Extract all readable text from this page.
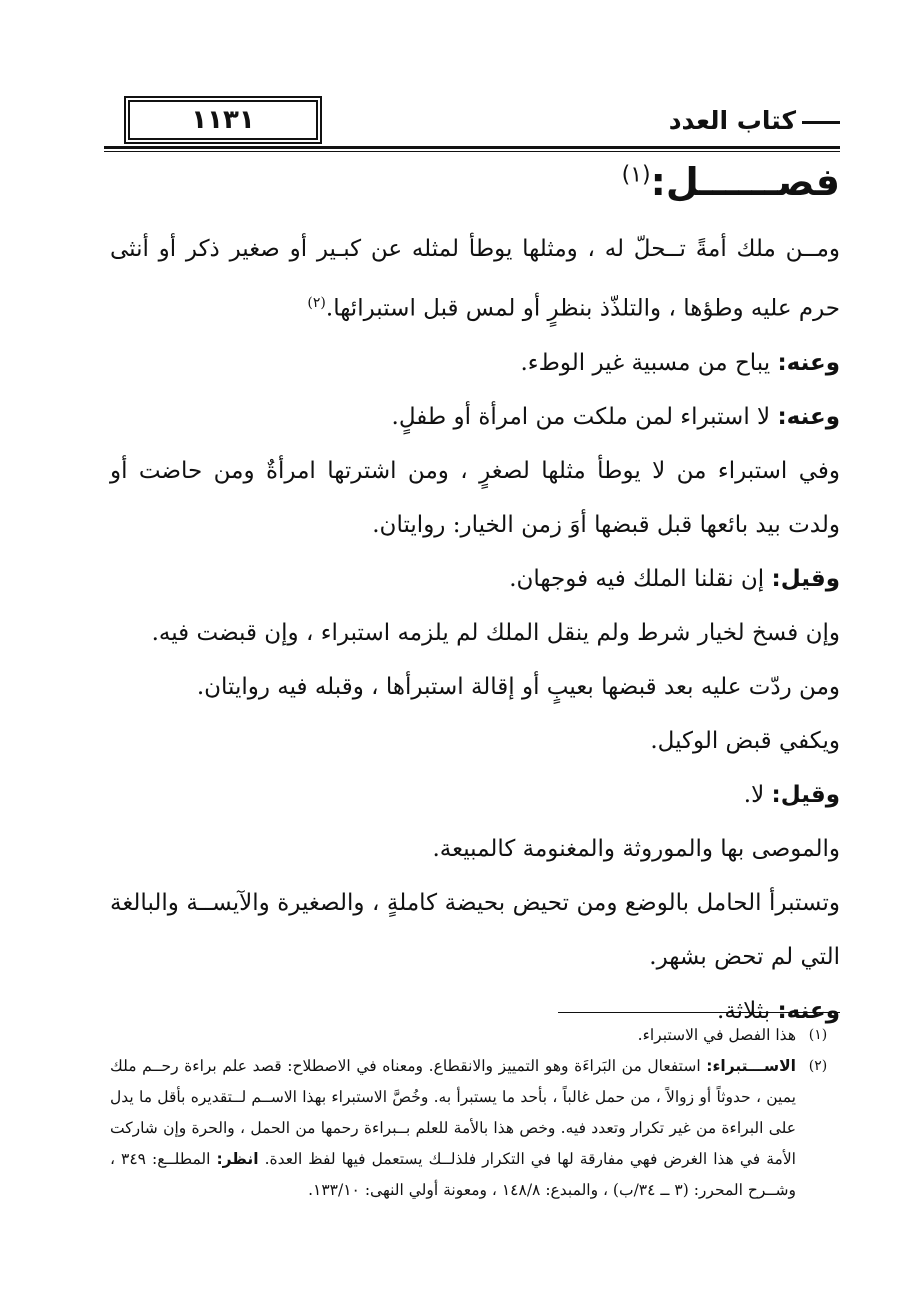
١١٣١	كتاب العدد
فصــــــل:$^{(١)}$

ومــن ملك أمةً تــحلّ له ، ومثلها يوطأ لمثله عن كبـير أو صغير ذكر أو أنثى حرم عليه وطؤها ، والتلذّذ بنظرٍ أو لمس قبل استبرائها.$^{(٢)}$

وعنه: يباح من مسبية غير الوطء.

وعنه: لا استبراء لمن ملكت من امرأة أو طفلٍ.

وفي استبراء من لا يوطأ مثلها لصغرٍ ، ومن اشترتها امرأةٌ ومن حاضت أو ولدت بيد بائعها قبل قبضها أوَ زمن الخيار: روايتان.

وقيل: إن نقلنا الملك فيه فوجهان.

وإن فسخ لخيار شرط ولم ينقل الملك لم يلزمه استبراء ، وإن قبضت فيه.

ومن ردّت عليه بعد قبضها بعيبٍ أو إقالة استبرأها ، وقبله فيه روايتان.

ويكفي قبض الوكيل.

وقيل: لا.

والموصى بها والموروثة والمغنومة كالمبيعة.

وتستبرأ الحامل بالوضع ومن تحيض بحيضة كاملةٍ ، والصغيرة والآيســة والبالغة التي لم تحض بشهر.

وعنه: بثلاثة.

(١)
هذا الفصل في الاستبراء.
(٢)
الاســـتبراء: استفعال من البَراءَة وهو التمييز والانقطاع. ومعناه في الاصطلاح: قصد علم براءة رحــم ملك يمين ، حدوثاً أو زوالاً ، من حمل غالباً ، بأحد ما يستبرأ به. وخُصَّ الاستبراء بهذا الاســم لــتقديره بأقل ما يدل على البراءة من غير تكرار وتعدد فيه. وخص هذا بالأمة للعلم بــبراءة رحمها من الحمل ، والحرة وإن شاركت الأمة في هذا الغرض فهي مفارقة لها في التكرار فلذلــك يستعمل فيها لفظ العدة. انظر: المطلــع: ٣٤٩ ، وشــرح المحرر: (٣ ــ ٣٤/ب) ، والمبدع: ١٤٨/٨ ، ومعونة أولي النهى: ١٣٣/١٠.
